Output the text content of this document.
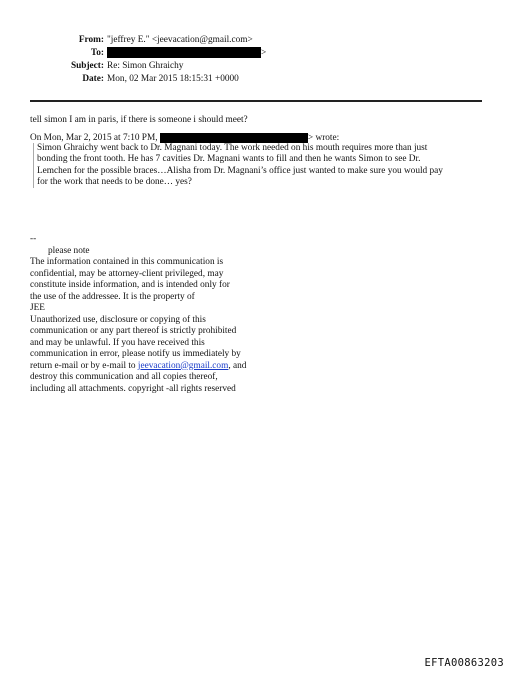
From: "jeffrey E." <jeevacation@gmail.com>
To:	>
Subject: Re: Simon Ghraichy
Date: Mon, 02 Mar 2015 18:15:31 +0000
tell simon I am in paris, if there is someone i should meet?
On Mon, Mar 2, 2015 at 7:10 PM,	> wrote:
Simon Ghraichy went back to Dr. Magnani today. The work needed on his mouth requires more than just
bonding the front tooth. He has 7 cavities Dr. Magnani wants to fill and then he wants Simon to see Dr.
Lemchen for the possible braces…Alisha from Dr. Magnani’s office just wanted to make sure you would pay
for the work that needs to be done… yes?
--
please note
The information contained in this communication is
confidential, may be attorney-client privileged, may
constitute inside information, and is intended only for
the use of the addressee. It is the property of
JEE
Unauthorized use, disclosure or copying of this
communication or any part thereof is strictly prohibited
and may be unlawful. If you have received this
communication in error, please notify us immediately by
return e-mail or by e-mail to jeevacation@gmail.com, and
destroy this communication and all copies thereof,
including all attachments. copyright -all rights reserved
EFTA00863203
